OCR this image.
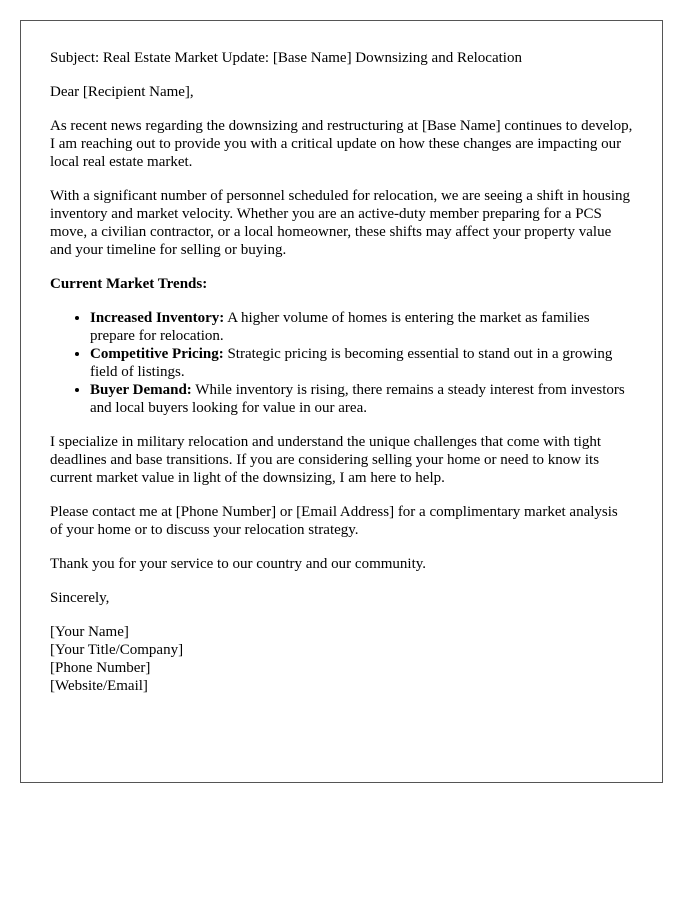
Subject: Real Estate Market Update: [Base Name] Downsizing and Relocation

Dear [Recipient Name],

As recent news regarding the downsizing and restructuring at [Base Name] continues to develop, I am reaching out to provide you with a critical update on how these changes are impacting our local real estate market.

With a significant number of personnel scheduled for relocation, we are seeing a shift in housing inventory and market velocity. Whether you are an active-duty member preparing for a PCS move, a civilian contractor, or a local homeowner, these shifts may affect your property value and your timeline for selling or buying.

Current Market Trends:

• Increased Inventory: A higher volume of homes is entering the market as families prepare for relocation.
• Competitive Pricing: Strategic pricing is becoming essential to stand out in a growing field of listings.
• Buyer Demand: While inventory is rising, there remains a steady interest from investors and local buyers looking for value in our area.

I specialize in military relocation and understand the unique challenges that come with tight deadlines and base transitions. If you are considering selling your home or need to know its current market value in light of the downsizing, I am here to help.

Please contact me at [Phone Number] or [Email Address] for a complimentary market analysis of your home or to discuss your relocation strategy.

Thank you for your service to our country and our community.

Sincerely,

[Your Name]
[Your Title/Company]
[Phone Number]
[Website/Email]
